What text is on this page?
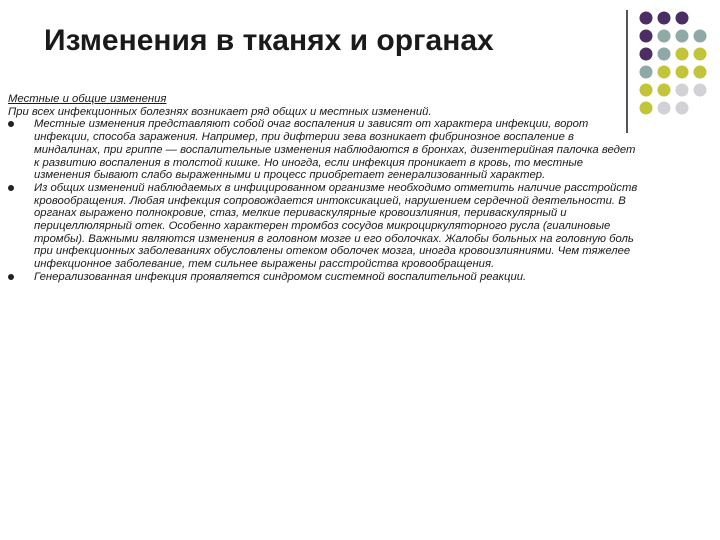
Изменения в тканях и органах

Местные и общие изменения

При всех инфекционных болезнях возникает ряд общих и местных изменений.

Местные изменения представляют собой очаг воспаления и зависят от характера инфекции, ворот инфекции, способа заражения. Например, при дифтерии зева возникает фибринозное воспаление в миндалинах, при гриппе — воспалительные изменения наблюдаются в бронхах, дизентерийная палочка ведет к развитию воспаления в толстой кишке. Но иногда, если инфекция проникает в кровь, то местные изменения бывают слабо выраженными и процесс приобретает генерализованный характер.

Из общих изменений наблюдаемых в инфицированном организме необходимо отметить наличие расстройств кровообращения. Любая инфекция сопровождается интоксикацией, нарушением сердечной деятельности. В органах выражено полнокровие, стаз, мелкие периваскулярные кровоизлияния, периваскулярный и перицеллюлярный отек. Особенно характерен тромбоз сосудов микроциркуляторного русла (гиалиновые тромбы). Важными являются изменения в головном мозге и его оболочках. Жалобы больных на головную боль при инфекционных заболеваниях обусловлены отеком оболочек мозга, иногда кровоизлияниями. Чем тяжелее инфекционное заболевание, тем сильнее выражены расстройства кровообращения.

Генерализованная инфекция проявляется синдромом системной воспалительной реакции.
